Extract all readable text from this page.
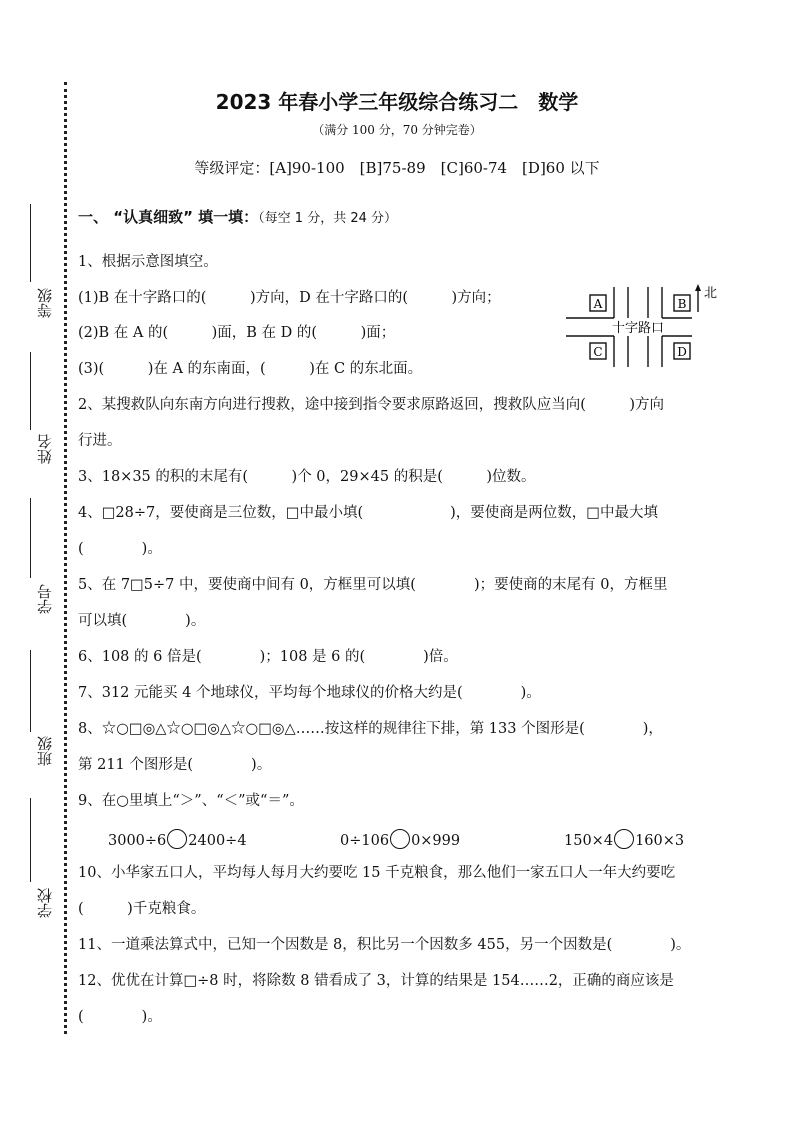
等级
姓名
学号
班级
学校
2023 年春小学三年级综合练习二　数学
（满分 100 分，70 分钟完卷）
等级评定：[A]90-100　[B]75-89　[C]60-74　[D]60 以下
一、 “认真细致” 填一填：（每空 1 分，共 24 分）
A	B
C	D
十字路口
北
1、根据示意图填空。
(1)B 在十字路口的(　　　)方向，D 在十字路口的(　　　)方向；
(2)B 在 A 的(　　　)面，B 在 D 的(　　　)面；
(3)(　　　)在 A 的东南面，(　　　)在 C 的东北面。
2、某搜救队向东南方向进行搜救，途中接到指令要求原路返回，搜救队应当向(　　　)方向
行进。
3、18×35 的积的末尾有(　　　)个 0，29×45 的积是(　　　)位数。
4、□28÷7，要使商是三位数，□中最小填(　　　　　　)，要使商是两位数，□中最大填
(　　　　)。
5、在 7□5÷7 中，要使商中间有 0，方框里可以填(　　　　)；要使商的末尾有 0，方框里
可以填(　　　　)。
6、108 的 6 倍是(　　　　)；108 是 6 的(　　　　)倍。
7、312 元能买 4 个地球仪，平均每个地球仪的价格大约是(　　　　)。
8、☆○□◎△☆○□◎△☆○□◎△……按这样的规律往下排，第 133 个图形是(　　　　)，
第 211 个图形是(　　　　)。
9、在○里填上“＞”、“＜”或“＝”。
3000÷6 2400÷4	0÷106 0×999	150×4 160×3
10、小华家五口人，平均每人每月大约要吃 15 千克粮食，那么他们一家五口人一年大约要吃
(　　　)千克粮食。
11、一道乘法算式中，已知一个因数是 8，积比另一个因数多 455，另一个因数是(　　　　)。
12、优优在计算□÷8 时，将除数 8 错看成了 3，计算的结果是 154……2，正确的商应该是
(　　　　)。
